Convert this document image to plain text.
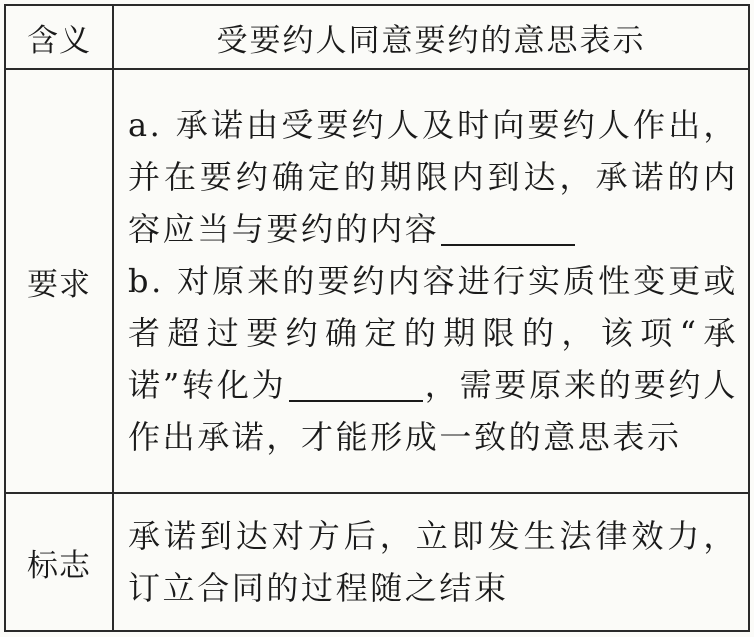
含义	受要约人同意要约的意思表示
要求	a. 承诺由受要约人及时向要约人作出，并在要约确定的期限内到达，承诺的内容应当与要约的内容

b. 对原来的要约内容进行实质性变更或者超过要约确定的期限的，该项“承诺”转化为 ，需要原来的要约人作出承诺，才能形成一致的意思表示

标志	承诺到达对方后，立即发生法律效力，订立合同的过程随之结束
